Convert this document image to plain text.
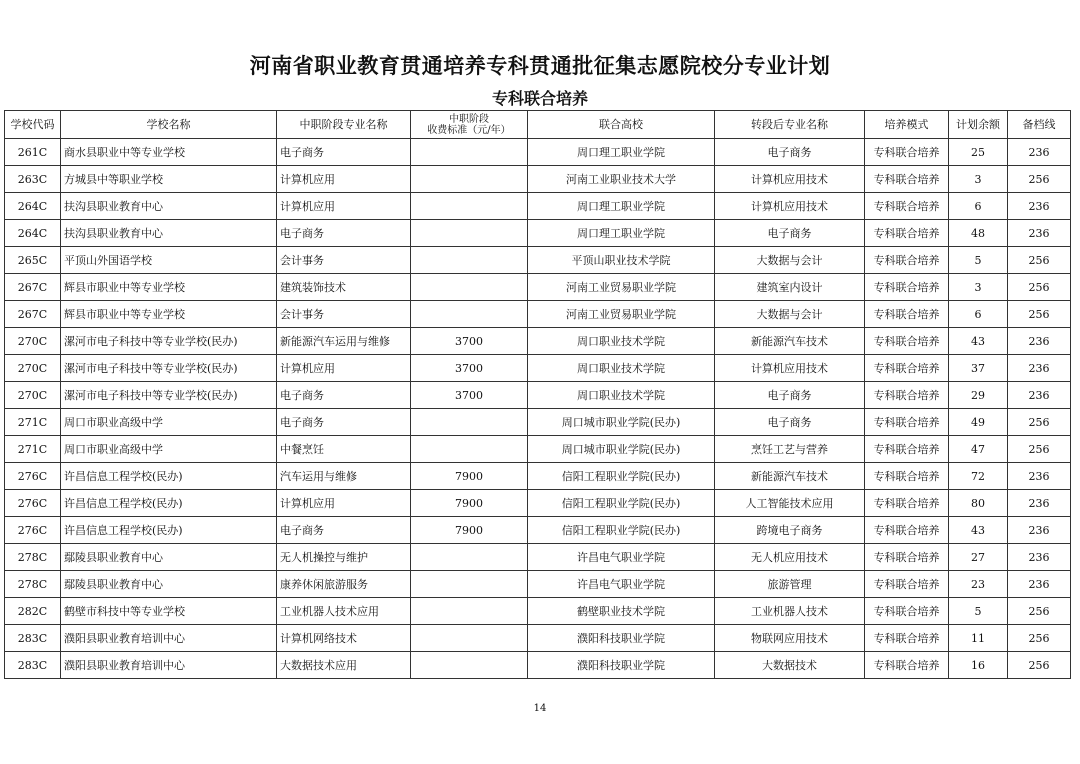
河南省职业教育贯通培养专科贯通批征集志愿院校分专业计划
专科联合培养
学校代码	学校名称	中职阶段专业名称	中职阶段
收费标准（元/年）	联合高校	转段后专业名称	培养模式	计划余额	备档线
261C	商水县职业中等专业学校	电子商务		周口理工职业学院	电子商务	专科联合培养	25	236
263C	方城县中等职业学校	计算机应用		河南工业职业技术大学	计算机应用技术	专科联合培养	3	256
264C	扶沟县职业教育中心	计算机应用		周口理工职业学院	计算机应用技术	专科联合培养	6	236
264C	扶沟县职业教育中心	电子商务		周口理工职业学院	电子商务	专科联合培养	48	236
265C	平顶山外国语学校	会计事务		平顶山职业技术学院	大数据与会计	专科联合培养	5	256
267C	辉县市职业中等专业学校	建筑装饰技术		河南工业贸易职业学院	建筑室内设计	专科联合培养	3	256
267C	辉县市职业中等专业学校	会计事务		河南工业贸易职业学院	大数据与会计	专科联合培养	6	256
270C	漯河市电子科技中等专业学校(民办)	新能源汽车运用与维修	3700	周口职业技术学院	新能源汽车技术	专科联合培养	43	236
270C	漯河市电子科技中等专业学校(民办)	计算机应用	3700	周口职业技术学院	计算机应用技术	专科联合培养	37	236
270C	漯河市电子科技中等专业学校(民办)	电子商务	3700	周口职业技术学院	电子商务	专科联合培养	29	236
271C	周口市职业高级中学	电子商务		周口城市职业学院(民办)	电子商务	专科联合培养	49	256
271C	周口市职业高级中学	中餐烹饪		周口城市职业学院(民办)	烹饪工艺与营养	专科联合培养	47	256
276C	许昌信息工程学校(民办)	汽车运用与维修	7900	信阳工程职业学院(民办)	新能源汽车技术	专科联合培养	72	236
276C	许昌信息工程学校(民办)	计算机应用	7900	信阳工程职业学院(民办)	人工智能技术应用	专科联合培养	80	236
276C	许昌信息工程学校(民办)	电子商务	7900	信阳工程职业学院(民办)	跨境电子商务	专科联合培养	43	236
278C	鄢陵县职业教育中心	无人机操控与维护		许昌电气职业学院	无人机应用技术	专科联合培养	27	236
278C	鄢陵县职业教育中心	康养休闲旅游服务		许昌电气职业学院	旅游管理	专科联合培养	23	236
282C	鹤壁市科技中等专业学校	工业机器人技术应用		鹤壁职业技术学院	工业机器人技术	专科联合培养	5	256
283C	濮阳县职业教育培训中心	计算机网络技术		濮阳科技职业学院	物联网应用技术	专科联合培养	11	256
283C	濮阳县职业教育培训中心	大数据技术应用		濮阳科技职业学院	大数据技术	专科联合培养	16	256
14
